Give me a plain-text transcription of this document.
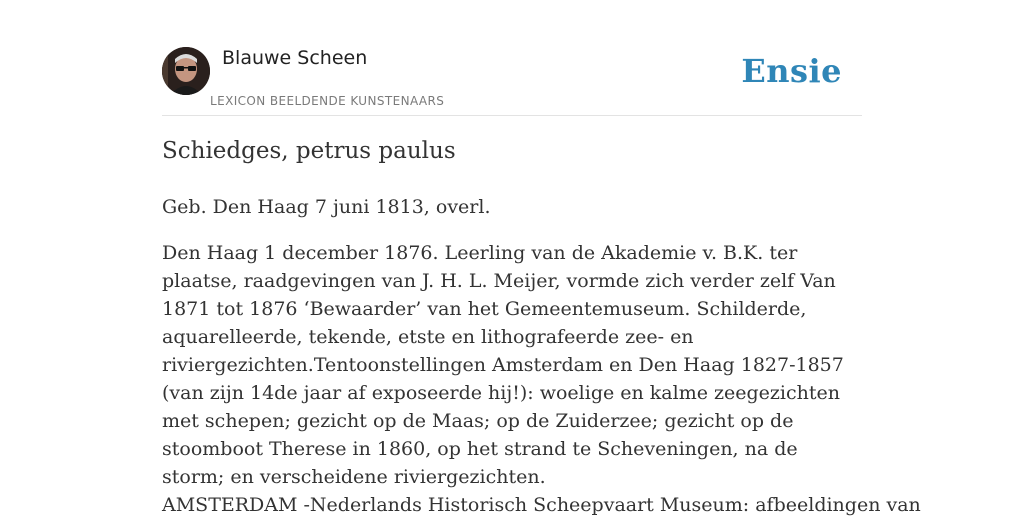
Blauwe Scheen
LEXICON BEELDENDE KUNSTENAARS
Ensie
Schiedges, petrus paulus

Geb. Den Haag 7 juni 1813, overl.

Den Haag 1 december 1876. Leerling van de Akademie v. B.K. ter plaatse, raadgevingen van J. H. L. Meijer, vormde zich verder zelf Van 1871 tot 1876 ‘Bewaarder’ van het Gemeentemuseum. Schilderde, aquarelleerde, tekende, etste en lithografeerde zee- en riviergezichten.Tentoonstellingen Amsterdam en Den Haag 1827-1857 (van zijn 14de jaar af exposeerde hij!): woelige en kalme zeegezichten met schepen; gezicht op de Maas; op de Zuiderzee; gezicht op de stoomboot Therese in 1860, op het strand te Scheveningen, na de storm; en verscheidene riviergezichten.

AMSTERDAM -Nederlands Historisch Scheepvaart Museum: afbeeldingen van
